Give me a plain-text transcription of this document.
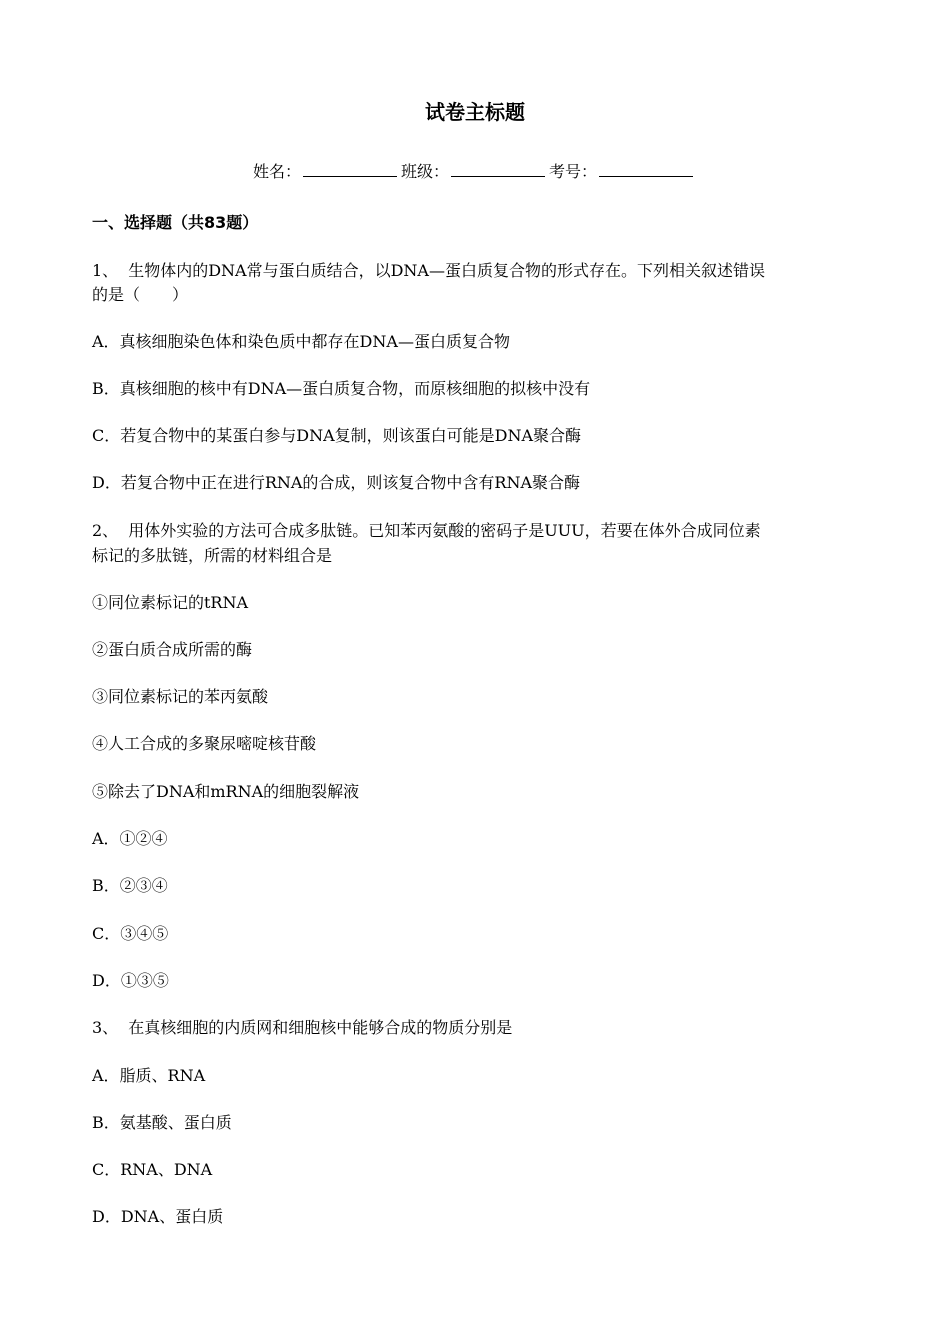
试卷主标题
姓名：	班级：	考号：
一、选择题（共83题）
1、 生物体内的DNA常与蛋白质结合，以DNA—蛋白质复合物的形式存在。下列相关叙述错误
的是（　　）
A．真核细胞染色体和染色质中都存在DNA—蛋白质复合物
B．真核细胞的核中有DNA—蛋白质复合物，而原核细胞的拟核中没有
C．若复合物中的某蛋白参与DNA复制，则该蛋白可能是DNA聚合酶
D．若复合物中正在进行RNA的合成，则该复合物中含有RNA聚合酶
2、 用体外实验的方法可合成多肽链。已知苯丙氨酸的密码子是UUU，若要在体外合成同位素
标记的多肽链，所需的材料组合是
①同位素标记的tRNA
②蛋白质合成所需的酶
③同位素标记的苯丙氨酸
④人工合成的多聚尿嘧啶核苷酸
⑤除去了DNA和mRNA的细胞裂解液
A．①②④
B．②③④
C．③④⑤
D．①③⑤
3、 在真核细胞的内质网和细胞核中能够合成的物质分别是
A．脂质、RNA
B．氨基酸、蛋白质
C．RNA、DNA
D．DNA、蛋白质
